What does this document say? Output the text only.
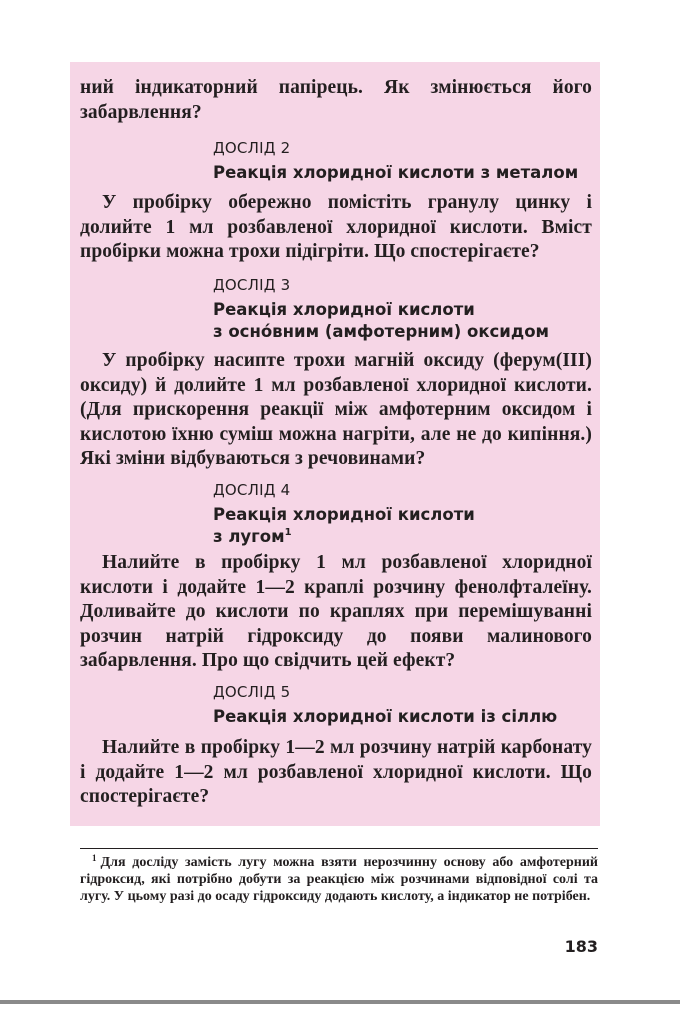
ний індикаторний папірець. Як змінюється його забарвлення?

ДОСЛІД 2

Реакція хлоридної кислоти з металом

У пробірку обережно помістіть гранулу цинку і долийте 1 мл розбавленої хлоридної кислоти. Вміст пробірки можна трохи підігріти. Що спостерігаєте?

ДОСЛІД 3

Реакція хлоридної кислоти
з осно́вним (амфотерним) оксидом

У пробірку насипте трохи магній оксиду (ферум(ІІІ) оксиду) й долийте 1 мл розбавленої хлоридної кислоти. (Для прискорення реакції між амфотерним оксидом і кислотою їхню суміш можна нагріти, але не до кипіння.) Які зміни відбуваються з речовинами?

ДОСЛІД 4

Реакція хлоридної кислоти
з лугом$^1$

Налийте в пробірку 1 мл розбавленої хлоридної кислоти і додайте 1—2 краплі розчину фенолфталеїну. Доливайте до кислоти по краплях при перемішуванні розчин натрій гідроксиду до появи малинового забарвлення. Про що свідчить цей ефект?

ДОСЛІД 5

Реакція хлоридної кислоти із сіллю

Налийте в пробірку 1—2 мл розчину натрій карбонату і додайте 1—2 мл розбавленої хлоридної кислоти. Що спостерігаєте?

$^1$ Для досліду замість лугу можна взяти нерозчинну основу або амфотерний гідроксид, які потрібно добути за реакцією між розчинами відповідної солі та лугу. У цьому разі до осаду гідроксиду додають кислоту, а індикатор не потрібен.

183
